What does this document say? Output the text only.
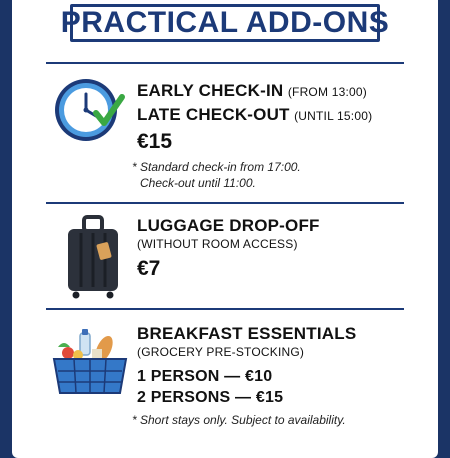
PRACTICAL ADD-ONS
EARLY CHECK-IN (FROM 13:00)
LATE CHECK-OUT (UNTIL 15:00)
€15
* Standard check-in from 17:00.
Check-out until 11:00.
LUGGAGE DROP-OFF
(WITHOUT ROOM ACCESS)
€7
BREAKFAST ESSENTIALS
(GROCERY PRE-STOCKING)
1 PERSON — €10
2 PERSONS — €15
* Short stays only. Subject to availability.
